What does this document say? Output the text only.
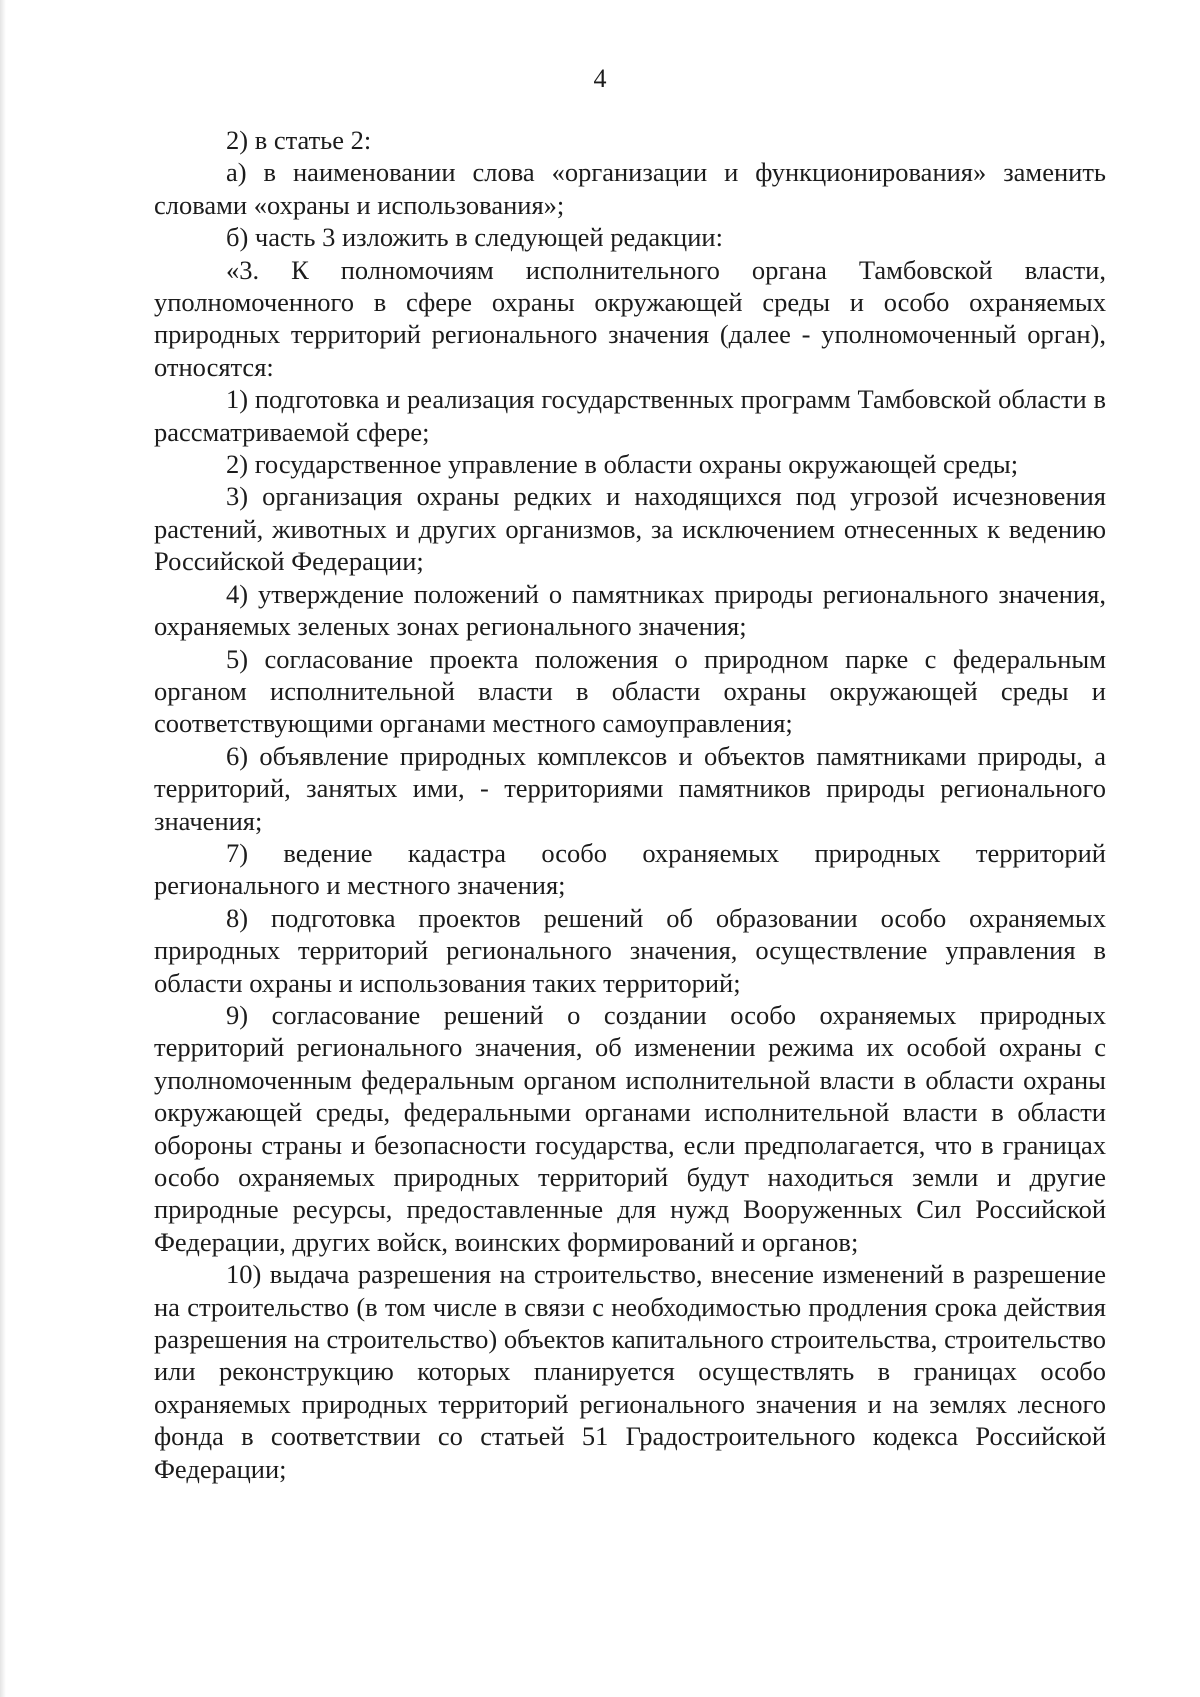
4

2) в статье 2:

а) в наименовании слова «организации и функционирования» заменить словами «охраны и использования»;

б) часть 3 изложить в следующей редакции:

«3. К полномочиям исполнительного органа Тамбовской власти, уполномоченного в сфере охраны окружающей среды и особо охраняемых природных территорий регионального значения (далее - уполномоченный орган), относятся:

1) подготовка и реализация государственных программ Тамбовской области в рассматриваемой сфере;

2) государственное управление в области охраны окружающей среды;

3) организация охраны редких и находящихся под угрозой исчезновения растений, животных и других организмов, за исключением отнесенных к ведению Российской Федерации;

4) утверждение положений о памятниках природы регионального значения, охраняемых зеленых зонах регионального значения;

5) согласование проекта положения о природном парке с федеральным органом исполнительной власти в области охраны окружающей среды и соответствующими органами местного самоуправления;

6) объявление природных комплексов и объектов памятниками природы, а территорий, занятых ими, - территориями памятников природы регионального значения;

7) ведение кадастра особо охраняемых природных территорий регионального и местного значения;

8) подготовка проектов решений об образовании особо охраняемых природных территорий регионального значения, осуществление управления в области охраны и использования таких территорий;

9) согласование решений о создании особо охраняемых природных территорий регионального значения, об изменении режима их особой охраны с уполномоченным федеральным органом исполнительной власти в области охраны окружающей среды, федеральными органами исполнительной власти в области обороны страны и безопасности государства, если предполагается, что в границах особо охраняемых природных территорий будут находиться земли и другие природные ресурсы, предоставленные для нужд Вооруженных Сил Российской Федерации, других войск, воинских формирований и органов;

10) выдача разрешения на строительство, внесение изменений в разрешение на строительство (в том числе в связи с необходимостью продления срока действия разрешения на строительство) объектов капитального строительства, строительство или реконструкцию которых планируется осуществлять в границах особо охраняемых природных территорий регионального значения и на землях лесного фонда в соответствии со статьей 51 Градостроительного кодекса Российской Федерации;
